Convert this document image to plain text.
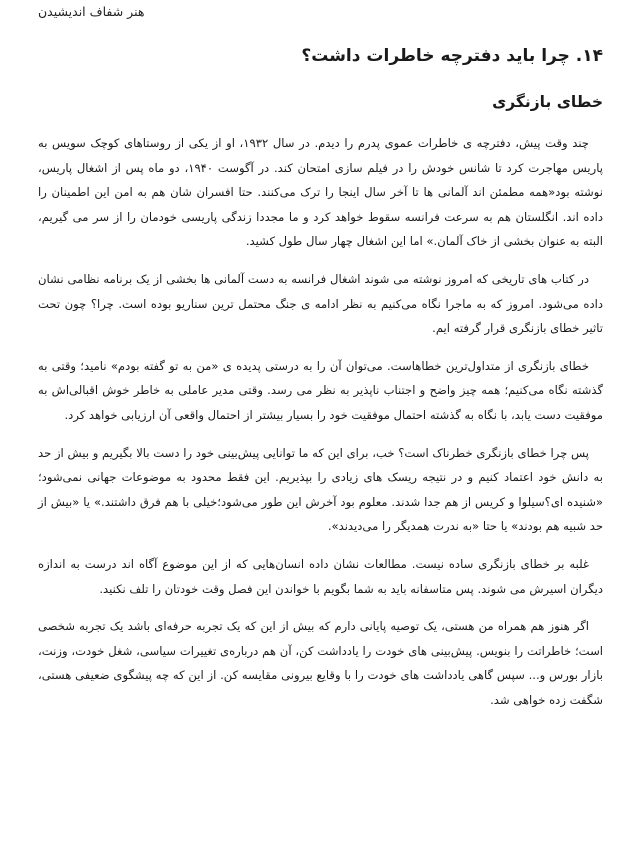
هنر شفاف اندیشیدن
۱۴. چرا باید دفترچه خاطرات داشت؟
خطای بازنگری

چند وقت پیش، دفترچه ی خاطرات عموی پدرم را دیدم. در سال ۱۹۳۲، او از یکی از روستاهای کوچک سویس به پاریس مهاجرت کرد تا شانس خودش را در فیلم سازی امتحان کند. در آگوست ۱۹۴۰، دو ماه پس از اشغال پاریس، نوشته بود«همه مطمئن اند آلمانی ها تا آخر سال اینجا را ترک می‌کنند. حتا افسران شان هم به امن این اطمینان را داده اند. انگلستان هم به سرعت فرانسه سقوط خواهد کرد و ما مجددا زندگی پاریسی خودمان را از سر می گیریم، البته به عنوان بخشی از خاک آلمان.» اما این اشغال چهار سال طول کشید.

در کتاب های تاریخی که امروز نوشته می شوند اشغال فرانسه به دست آلمانی ها بخشی از یک برنامه نظامی نشان داده می‌شود. امروز که به ماجرا نگاه می‌کنیم به نظر ادامه ی جنگ محتمل ترین سناریو بوده است. چرا؟ چون تحت تاثیر خطای بازنگری قرار گرفته ایم.

خطای بازنگری از متداول‌ترین خطاهاست. می‌توان آن را به درستی پدیده ی «من به تو گفته بودم» نامید؛ وقتی به گذشته نگاه می‌کنیم؛ همه چیز واضح و اجتناب ناپذیر به نظر می رسد. وقتی مدیر عاملی به خاطر خوش اقبالی‌اش به موفقیت دست یابد، با نگاه به گذشته احتمال موفقیت خود را بسیار بیشتر از احتمال واقعی آن ارزیابی خواهد کرد.

پس چرا خطای بازنگری خطرناک است؟ خب، برای این که ما توانایی پیش‌بینی خود را دست بالا بگیریم و بیش از حد به دانش خود اعتماد کنیم و در نتیجه ریسک های زیادی را بپذیریم. این فقط محدود به موضوعات جهانی نمی‌شود؛ «شنیده ای؟سیلوا و کریس از هم جدا شدند. معلوم بود آخرش این طور می‌شود؛خیلی با هم فرق داشتند.» یا «بیش از حد شبیه هم بودند» یا حتا «به ندرت همدیگر را می‌دیدند».

غلبه بر خطای بازنگری ساده نیست. مطالعات نشان داده انسان‌هایی که از این موضوع آگاه اند درست به اندازه دیگران اسیرش می شوند. پس متاسفانه باید به شما بگویم با خواندن این فصل وقت خودتان را تلف نکنید.

اگر هنوز هم همراه من هستی، یک توصیه پایانی دارم که بیش از این که یک تجربه حرفه‌ای باشد یک تجربه شخصی است؛ خاطراتت را بنویس. پیش‌بینی های خودت را یادداشت کن، آن هم درباره‌ی تغییرات سیاسی، شغل خودت، وزنت، بازار بورس و... سپس گاهی یادداشت های خودت را با وقایع بیرونی مقایسه کن. از این که چه پیشگوی ضعیفی هستی، شگفت زده خواهی شد.
